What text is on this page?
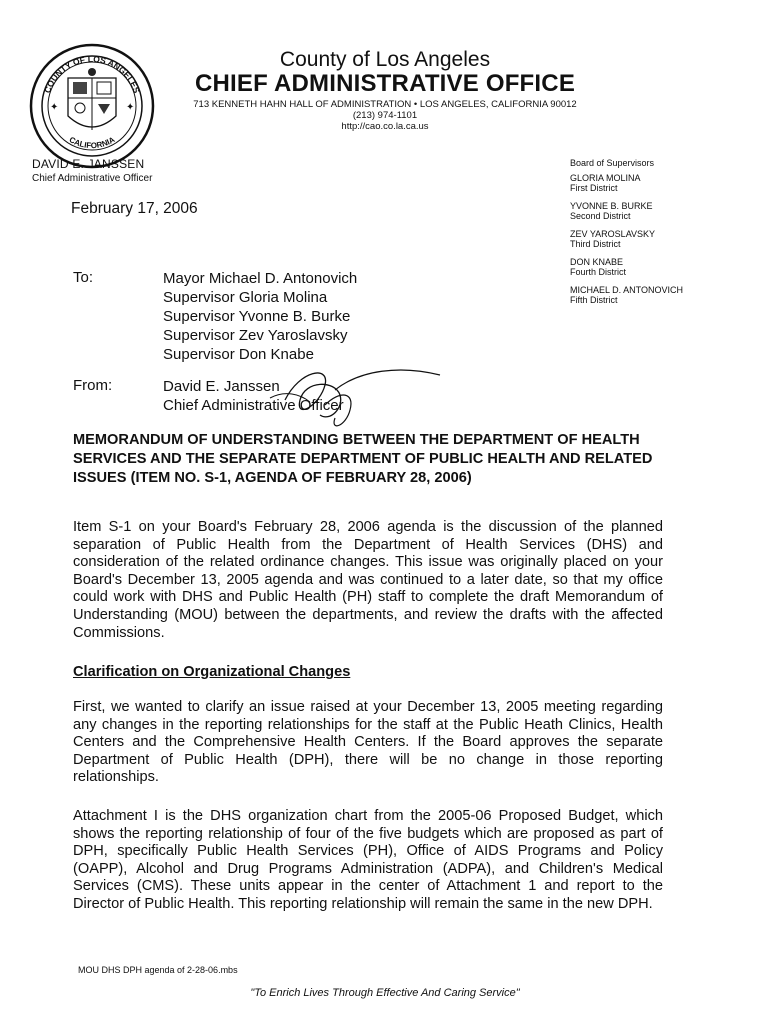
COUNTY OF LOS ANGELES
CALIFORNIA
✦	✦
County of Los Angeles
CHIEF ADMINISTRATIVE OFFICE
713 KENNETH HAHN HALL OF ADMINISTRATION • LOS ANGELES, CALIFORNIA 90012
(213) 974-1101
http://cao.co.la.ca.us
DAVID E. JANSSEN
Chief Administrative Officer
Board of Supervisors
GLORIA MOLINA
First District
YVONNE B. BURKE
Second District
ZEV YAROSLAVSKY
Third District
DON KNABE
Fourth District
MICHAEL D. ANTONOVICH
Fifth District
February 17, 2006
To:	Mayor Michael D. Antonovich
Supervisor Gloria Molina
Supervisor Yvonne B. Burke
Supervisor Zev Yaroslavsky
Supervisor Don Knabe
From:	David E. Janssen
Chief Administrative Officer
MEMORANDUM OF UNDERSTANDING BETWEEN THE DEPARTMENT OF HEALTH SERVICES AND THE SEPARATE DEPARTMENT OF PUBLIC HEALTH AND RELATED ISSUES (ITEM NO. S-1, AGENDA OF FEBRUARY 28, 2006)
Item S-1 on your Board's February 28, 2006 agenda is the discussion of the planned separation of Public Health from the Department of Health Services (DHS) and consideration of the related ordinance changes. This issue was originally placed on your Board's December 13, 2005 agenda and was continued to a later date, so that my office could work with DHS and Public Health (PH) staff to complete the draft Memorandum of Understanding (MOU) between the departments, and review the drafts with the affected Commissions.
Clarification on Organizational Changes
First, we wanted to clarify an issue raised at your December 13, 2005 meeting regarding any changes in the reporting relationships for the staff at the Public Heath Clinics, Health Centers and the Comprehensive Health Centers. If the Board approves the separate Department of Public Health (DPH), there will be no change in those reporting relationships.
Attachment I is the DHS organization chart from the 2005-06 Proposed Budget, which shows the reporting relationship of four of the five budgets which are proposed as part of DPH, specifically Public Health Services (PH), Office of AIDS Programs and Policy (OAPP), Alcohol and Drug Programs Administration (ADPA), and Children's Medical Services (CMS). These units appear in the center of Attachment 1 and report to the Director of Public Health. This reporting relationship will remain the same in the new DPH.
MOU DHS DPH agenda of 2-28-06.mbs
"To Enrich Lives Through Effective And Caring Service"
